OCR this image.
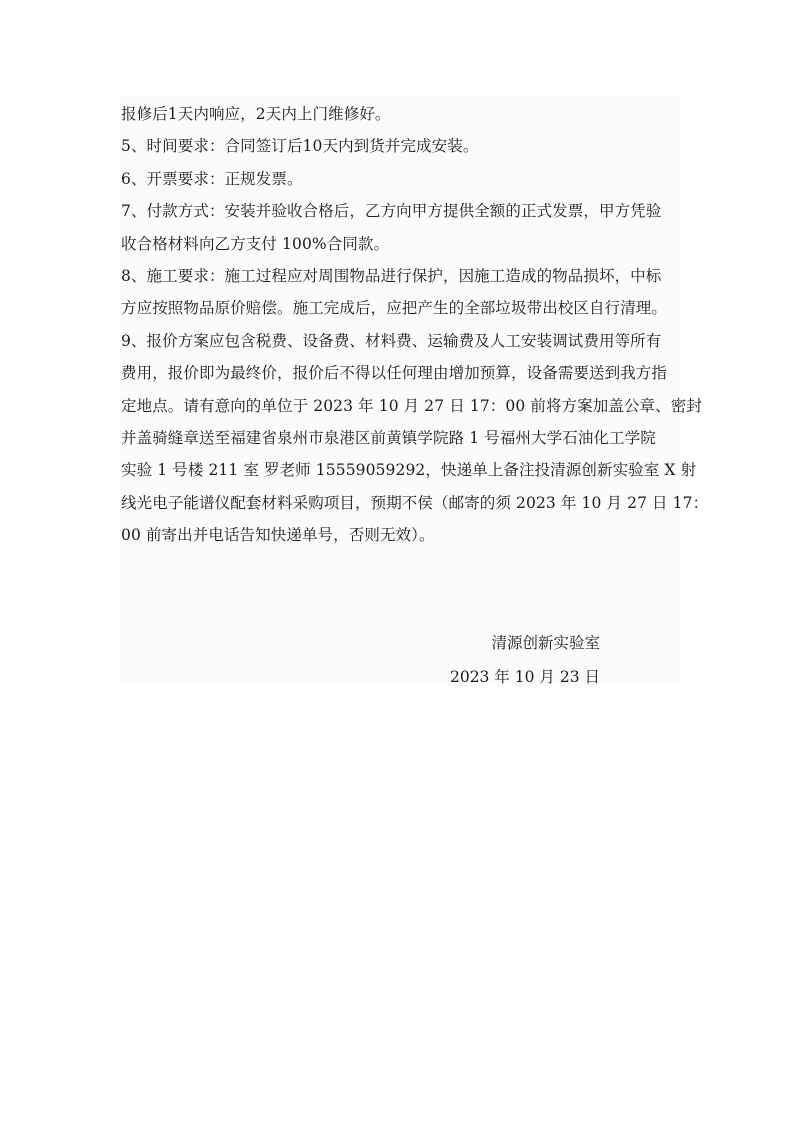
报修后1天内响应，2天内上门维修好。
5、时间要求：合同签订后10天内到货并完成安装。
6、开票要求：正规发票。
7、付款方式：安装并验收合格后，乙方向甲方提供全额的正式发票，甲方凭验
收合格材料向乙方支付 100%合同款。
8、施工要求：施工过程应对周围物品进行保护，因施工造成的物品损坏，中标
方应按照物品原价赔偿。施工完成后，应把产生的全部垃圾带出校区自行清理。
9、报价方案应包含税费、设备费、材料费、运输费及人工安装调试费用等所有
费用，报价即为最终价，报价后不得以任何理由增加预算，设备需要送到我方指
定地点。请有意向的单位于 2023 年 10 月 27 日 17：00 前将方案加盖公章、密封
并盖骑缝章送至福建省泉州市泉港区前黄镇学院路 1 号福州大学石油化工学院
实验 1 号楼 211 室 罗老师 15559059292，快递单上备注投清源创新实验室 X 射
线光电子能谱仪配套材料采购项目，预期不侯（邮寄的须 2023 年 10 月 27 日 17：
00 前寄出并电话告知快递单号，否则无效）。
清源创新实验室
2023 年 10 月 23 日
